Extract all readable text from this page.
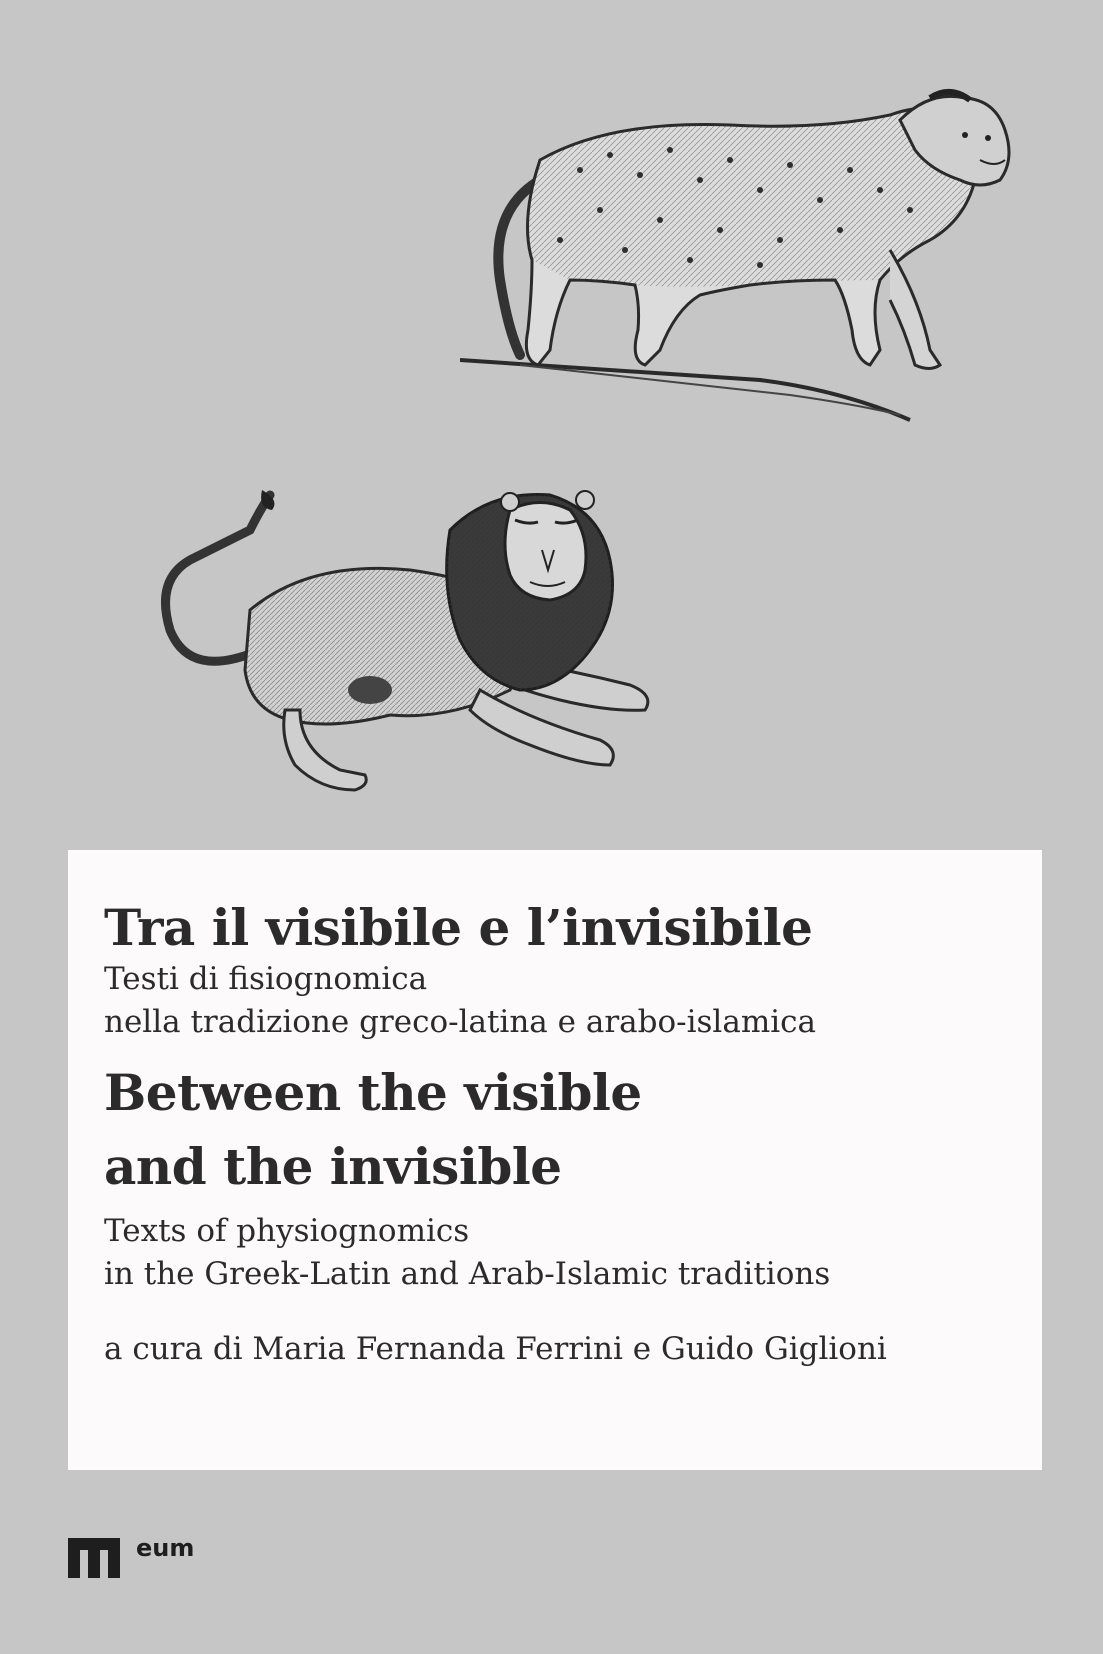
Tra il visibile e l’invisibile

Testi di fisiognomica

nella tradizione greco-latina e arabo-islamica

Between the visible
and the invisible

Texts of physiognomics

in the Greek-Latin and Arab-Islamic traditions

a cura di Maria Fernanda Ferrini e Guido Giglioni

eum
